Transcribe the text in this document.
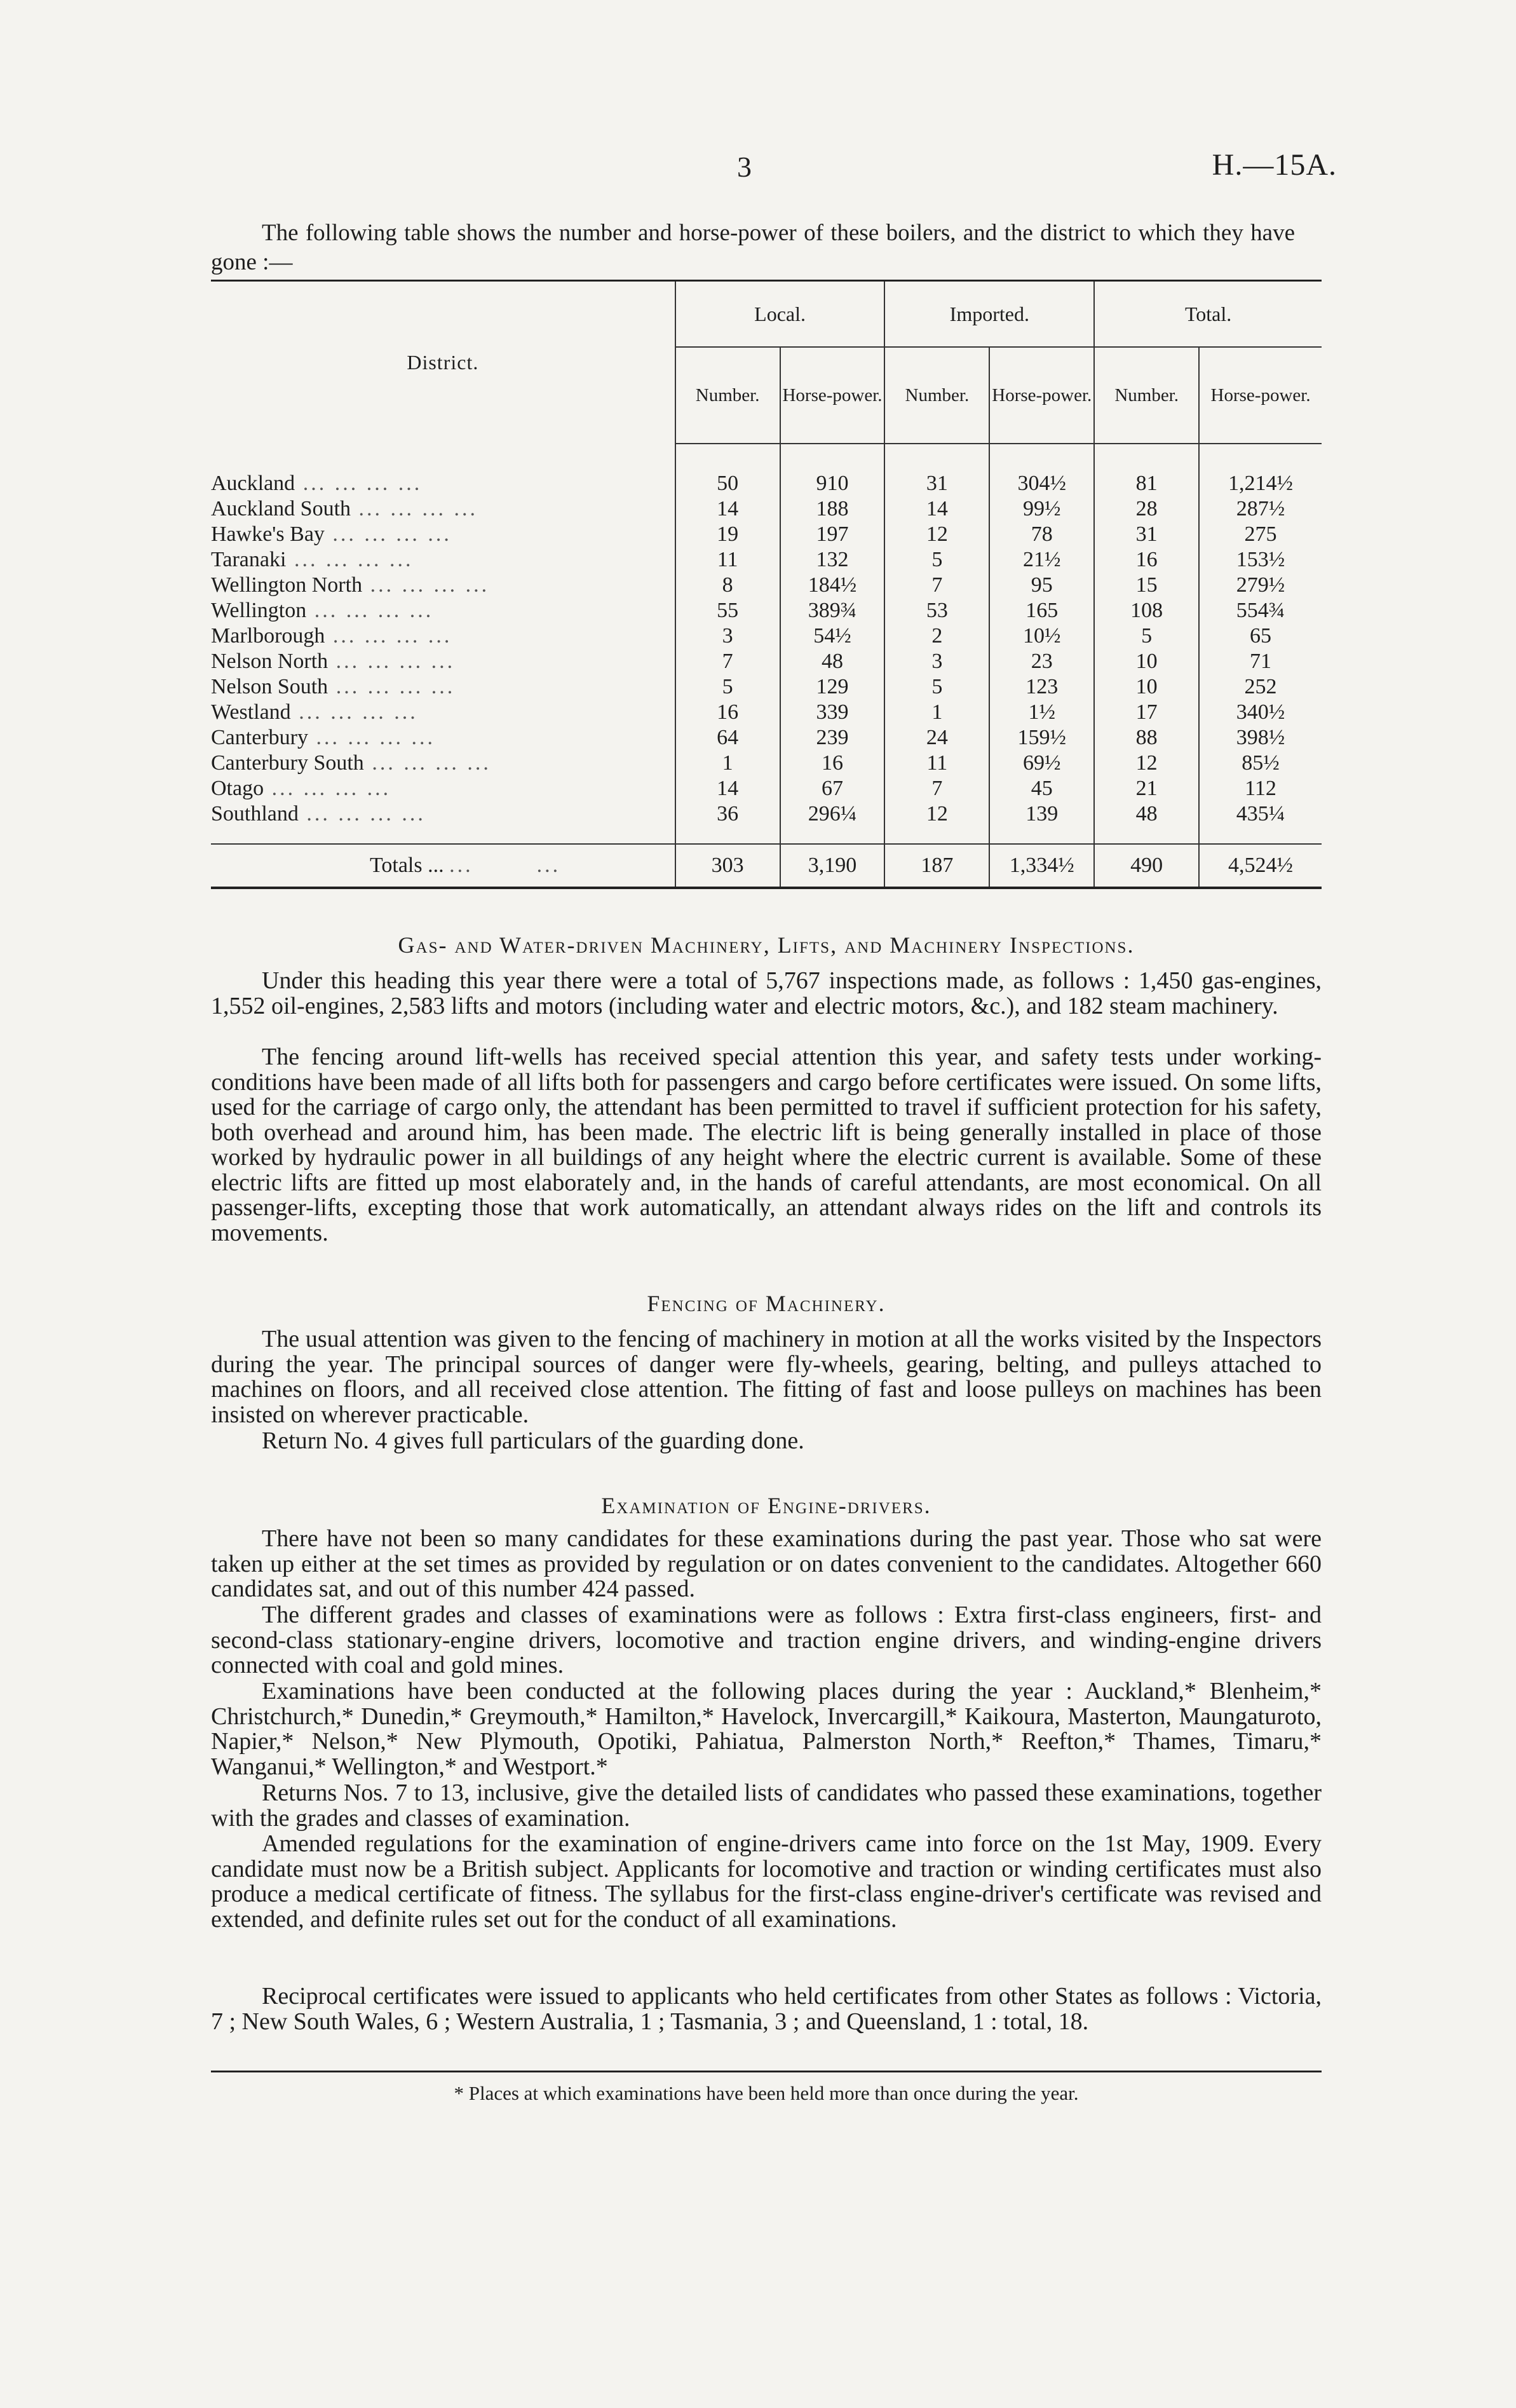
3	H.—15A.
The following table shows the number and horse-power of these boilers, and the district to which they have gone :—

District.	Local.		Imported.		Total.	
	Number.	Horse-power.	Number.	Horse-power.	Number.	Horse-power.

Auckland ... ... ... ...	50	910	31	304½	81	1,214½
Auckland South ... ... ... ...	14	188	14	99½	28	287½
Hawke's Bay ... ... ... ...	19	197	12	78	31	275
Taranaki ... ... ... ...	11	132	5	21½	16	153½
Wellington North ... ... ... ...	8	184½	7	95	15	279½
Wellington ... ... ... ...	55	389¾	53	165	108	554¾
Marlborough ... ... ... ...	3	54½	2	10½	5	65
Nelson North ... ... ... ...	7	48	3	23	10	71
Nelson South ... ... ... ...	5	129	5	123	10	252
Westland ... ... ... ...	16	339	1	1½	17	340½
Canterbury ... ... ... ...	64	239	24	159½	88	398½
Canterbury South ... ... ... ...	1	16	11	69½	12	85½
Otago ... ... ... ...	14	67	7	45	21	112
Southland ... ... ... ...	36	296¼	12	139	48	435¼

Totals ... ...        ...	303	3,190	187	1,334½	490	4,524½
Gas- and Water-driven Machinery, Lifts, and Machinery Inspections.
Under this heading this year there were a total of 5,767 inspections made, as follows : 1,450 gas-engines, 1,552 oil-engines, 2,583 lifts and motors (including water and electric motors, &c.), and 182 steam machinery.
The fencing around lift-wells has received special attention this year, and safety tests under working-conditions have been made of all lifts both for passengers and cargo before certificates were issued. On some lifts, used for the carriage of cargo only, the attendant has been permitted to travel if sufficient protection for his safety, both overhead and around him, has been made. The electric lift is being generally installed in place of those worked by hydraulic power in all buildings of any height where the electric current is available. Some of these electric lifts are fitted up most elaborately and, in the hands of careful attendants, are most economical. On all passenger-lifts, excepting those that work automatically, an attendant always rides on the lift and controls its movements.
Fencing of Machinery.
The usual attention was given to the fencing of machinery in motion at all the works visited by the Inspectors during the year. The principal sources of danger were fly-wheels, gearing, belting, and pulleys attached to machines on floors, and all received close attention. The fitting of fast and loose pulleys on machines has been insisted on wherever practicable.
Return No. 4 gives full particulars of the guarding done.
Examination of Engine-drivers.
There have not been so many candidates for these examinations during the past year. Those who sat were taken up either at the set times as provided by regulation or on dates convenient to the candidates. Altogether 660 candidates sat, and out of this number 424 passed.
The different grades and classes of examinations were as follows : Extra first-class engineers, first- and second-class stationary-engine drivers, locomotive and traction engine drivers, and winding-engine drivers connected with coal and gold mines.
Examinations have been conducted at the following places during the year : Auckland,* Blenheim,* Christchurch,* Dunedin,* Greymouth,* Hamilton,* Havelock, Invercargill,* Kaikoura, Masterton, Maungaturoto, Napier,* Nelson,* New Plymouth, Opotiki, Pahiatua, Palmerston North,* Reefton,* Thames, Timaru,* Wanganui,* Wellington,* and Westport.*
Returns Nos. 7 to 13, inclusive, give the detailed lists of candidates who passed these examinations, together with the grades and classes of examination.
Amended regulations for the examination of engine-drivers came into force on the 1st May, 1909. Every candidate must now be a British subject. Applicants for locomotive and traction or winding certificates must also produce a medical certificate of fitness. The syllabus for the first-class engine-driver's certificate was revised and extended, and definite rules set out for the conduct of all examinations.
Reciprocal certificates were issued to applicants who held certificates from other States as follows : Victoria, 7 ; New South Wales, 6 ; Western Australia, 1 ; Tasmania, 3 ; and Queensland, 1 : total, 18.
* Places at which examinations have been held more than once during the year.
